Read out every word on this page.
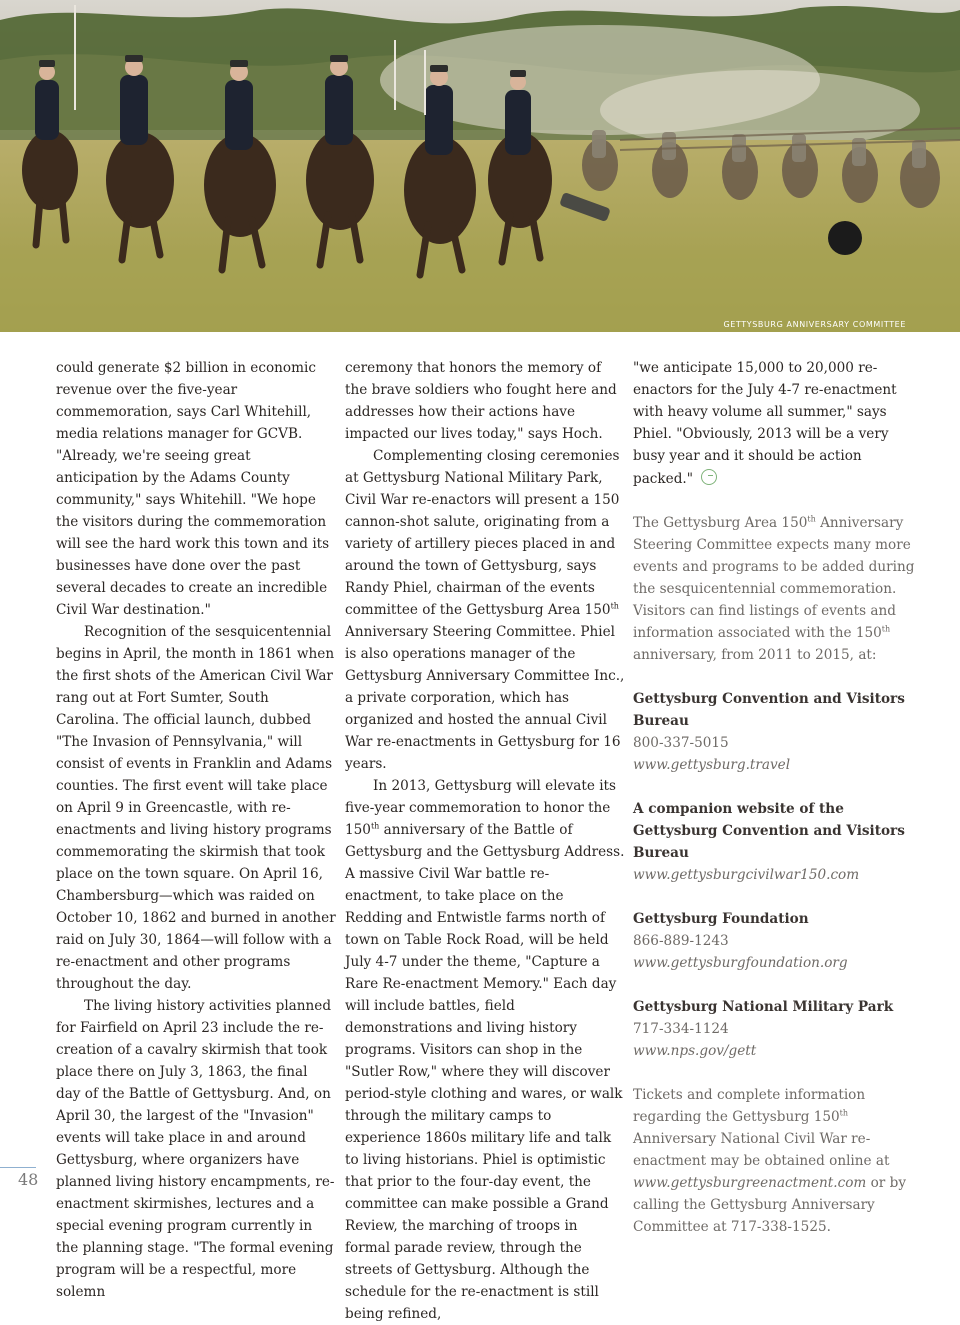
GETTYSBURG ANNIVERSARY COMMITTEE

could generate $2 billion in economic revenue over the five-year commemoration, says Carl Whitehill, media relations manager for GCVB. "Already, we're seeing great anticipation by the Adams County community," says Whitehill. "We hope the visitors during the commemoration will see the hard work this town and its businesses have done over the past several decades to create an incredible Civil War destination."

Recognition of the sesquicentennial begins in April, the month in 1861 when the first shots of the American Civil War rang out at Fort Sumter, South Carolina. The official launch, dubbed "The Invasion of Pennsylvania," will consist of events in Franklin and Adams counties. The first event will take place on April 9 in Greencastle, with re-enactments and living history programs commemorating the skirmish that took place on the town square. On April 16, Chambersburg—which was raided on October 10, 1862 and burned in another raid on July 30, 1864—will follow with a re-enactment and other programs throughout the day.

The living history activities planned for Fairfield on April 23 include the re-creation of a cavalry skirmish that took place there on July 3, 1863, the final day of the Battle of Gettysburg. And, on April 30, the largest of the "Invasion" events will take place in and around Gettysburg, where organizers have planned living history encampments, re-enactment skirmishes, lectures and a special evening program currently in the planning stage. "The formal evening program will be a respectful, more solemn

ceremony that honors the memory of the brave soldiers who fought here and addresses how their actions have impacted our lives today," says Hoch.

Complementing closing ceremonies at Gettysburg National Military Park, Civil War re-enactors will present a 150 cannon-shot salute, originating from a variety of artillery pieces placed in and around the town of Gettysburg, says Randy Phiel, chairman of the events committee of the Gettysburg Area 150th Anniversary Steering Committee. Phiel is also operations manager of the Gettysburg Anniversary Committee Inc., a private corporation, which has organized and hosted the annual Civil War re-enactments in Gettysburg for 16 years.

In 2013, Gettysburg will elevate its five-year commemoration to honor the 150th anniversary of the Battle of Gettysburg and the Gettysburg Address. A massive Civil War battle re-enactment, to take place on the Redding and Entwistle farms north of town on Table Rock Road, will be held July 4-7 under the theme, "Capture a Rare Re-enactment Memory." Each day will include battles, field demonstrations and living history programs. Visitors can shop in the "Sutler Row," where they will discover period-style clothing and wares, or walk through the military camps to experience 1860s military life and talk to living historians. Phiel is optimistic that prior to the four-day event, the committee can make possible a Grand Review, the marching of troops in formal parade review, through the streets of Gettysburg. Although the schedule for the re-enactment is still being refined,

"we anticipate 15,000 to 20,000 re-enactors for the July 4-7 re-enactment with heavy volume all summer," says Phiel. "Obviously, 2013 will be a very busy year and it should be action packed."

The Gettysburg Area 150th Anniversary Steering Committee expects many more events and programs to be added during the sesquicentennial commemoration. Visitors can find listings of events and information associated with the 150th anniversary, from 2011 to 2015, at:

Gettysburg Convention and Visitors Bureau
800-337-5015
www.gettysburg.travel
A companion website of the Gettysburg Convention and Visitors Bureau
www.gettysburgcivilwar150.com
Gettysburg Foundation
866-889-1243
www.gettysburgfoundation.org
Gettysburg National Military Park
717-334-1124
www.nps.gov/gett

Tickets and complete information regarding the Gettysburg 150th Anniversary National Civil War re-enactment may be obtained online at www.gettysburgreenactment.com or by calling the Gettysburg Anniversary Committee at 717-338-1525.

48
